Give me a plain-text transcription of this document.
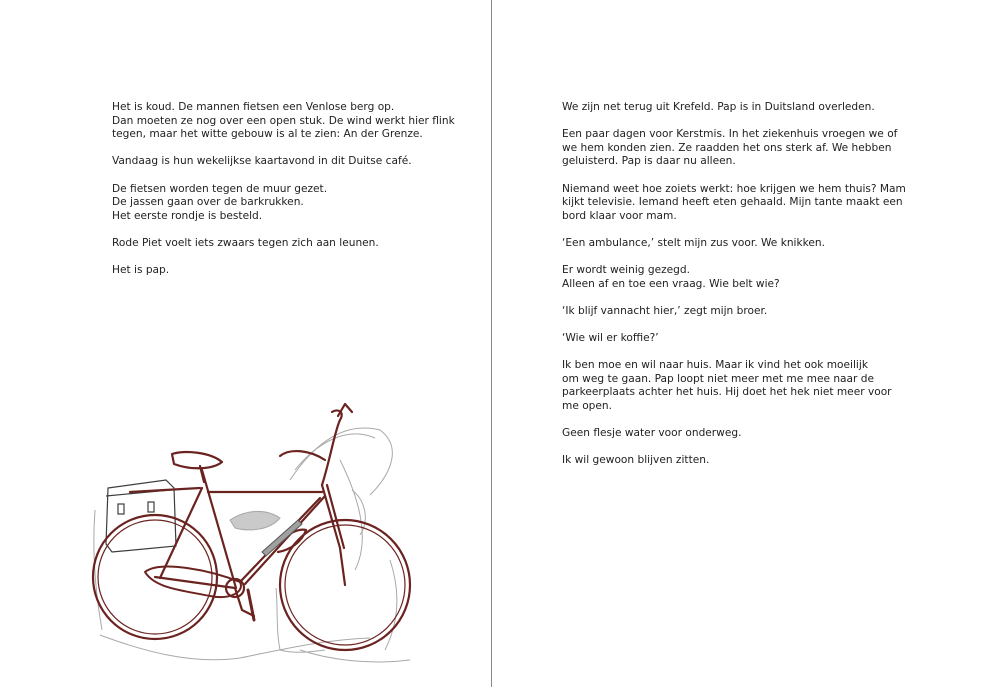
Het is koud. De mannen fietsen een Venlose berg op.
Dan moeten ze nog over een open stuk. De wind werkt hier flink
tegen, maar het witte gebouw is al te zien: An der Grenze.

Vandaag is hun wekelijkse kaartavond in dit Duitse café.

De fietsen worden tegen de muur gezet.
De jassen gaan over de barkrukken.
Het eerste rondje is besteld.

Rode Piet voelt iets zwaars tegen zich aan leunen.

Het is pap.

We zijn net terug uit Krefeld. Pap is in Duitsland overleden.

Een paar dagen voor Kerstmis. In het ziekenhuis vroegen we of
we hem konden zien. Ze raadden het ons sterk af. We hebben
geluisterd. Pap is daar nu alleen.

Niemand weet hoe zoiets werkt: hoe krijgen we hem thuis? Mam
kijkt televisie. Iemand heeft eten gehaald. Mijn tante maakt een
bord klaar voor mam.

‘Een ambulance,’ stelt mijn zus voor. We knikken.

Er wordt weinig gezegd.
Alleen af en toe een vraag. Wie belt wie?

‘Ik blijf vannacht hier,’ zegt mijn broer.

‘Wie wil er koffie?’

Ik ben moe en wil naar huis. Maar ik vind het ook moeilijk
om weg te gaan. Pap loopt niet meer met me mee naar de
parkeerplaats achter het huis. Hij doet het hek niet meer voor
me open.

Geen flesje water voor onderweg.

Ik wil gewoon blijven zitten.
